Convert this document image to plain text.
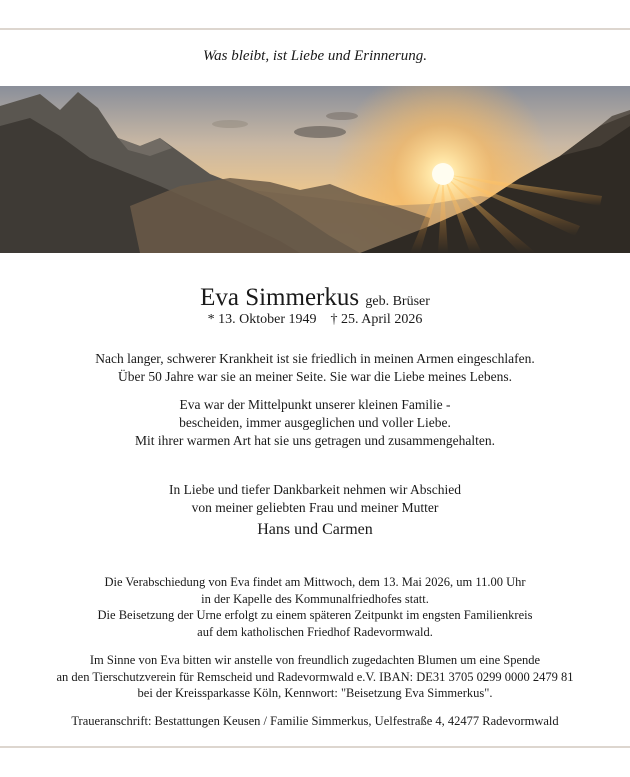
Was bleibt, ist Liebe und Erinnerung.
Eva Simmerkus geb. Brüser
* 13. Oktober 1949 † 25. April 2026
Nach langer, schwerer Krankheit ist sie friedlich in meinen Armen eingeschlafen.
Über 50 Jahre war sie an meiner Seite. Sie war die Liebe meines Lebens.
Eva war der Mittelpunkt unserer kleinen Familie -
bescheiden, immer ausgeglichen und voller Liebe.
Mit ihrer warmen Art hat sie uns getragen und zusammengehalten.
In Liebe und tiefer Dankbarkeit nehmen wir Abschied
von meiner geliebten Frau und meiner Mutter
Hans und Carmen
Die Verabschiedung von Eva findet am Mittwoch, dem 13. Mai 2026, um 11.00 Uhr
in der Kapelle des Kommunalfriedhofes statt.
Die Beisetzung der Urne erfolgt zu einem späteren Zeitpunkt im engsten Familienkreis
auf dem katholischen Friedhof Radevormwald.
Im Sinne von Eva bitten wir anstelle von freundlich zugedachten Blumen um eine Spende
an den Tierschutzverein für Remscheid und Radevormwald e.V. IBAN: DE31 3705 0299 0000 2479 81
bei der Kreissparkasse Köln, Kennwort: "Beisetzung Eva Simmerkus".
Traueranschrift: Bestattungen Keusen / Familie Simmerkus, Uelfestraße 4, 42477 Radevormwald
